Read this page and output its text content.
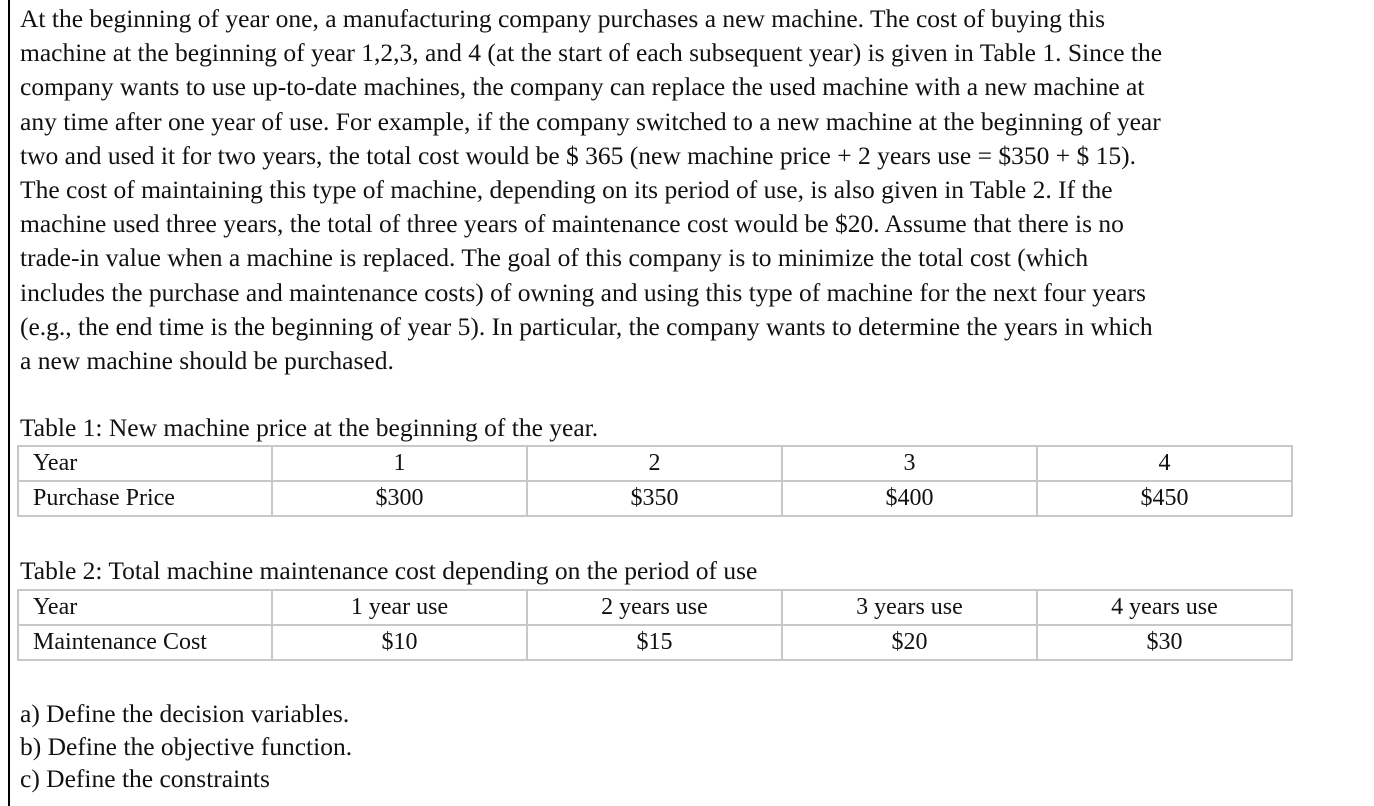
At the beginning of year one, a manufacturing company purchases a new machine. The cost of buying this
machine at the beginning of year 1,2,3, and 4 (at the start of each subsequent year) is given in Table 1. Since the
company wants to use up-to-date machines, the company can replace the used machine with a new machine at
any time after one year of use. For example, if the company switched to a new machine at the beginning of year
two and used it for two years, the total cost would be $ 365 (new machine price + 2 years use = $350 + $ 15).
The cost of maintaining this type of machine, depending on its period of use, is also given in Table 2. If the
machine used three years, the total of three years of maintenance cost would be $20. Assume that there is no
trade-in value when a machine is replaced. The goal of this company is to minimize the total cost (which
includes the purchase and maintenance costs) of owning and using this type of machine for the next four years
(e.g., the end time is the beginning of year 5). In particular, the company wants to determine the years in which
a new machine should be purchased.

Table 1: New machine price at the beginning of the year.

Year	1	2	3	4
Purchase Price	$300	$350	$400	$450

Table 2: Total machine maintenance cost depending on the period of use

Year	1 year use	2 years use	3 years use	4 years use
Maintenance Cost	$10	$15	$20	$30
a) Define the decision variables.
b) Define the objective function.
c) Define the constraints
